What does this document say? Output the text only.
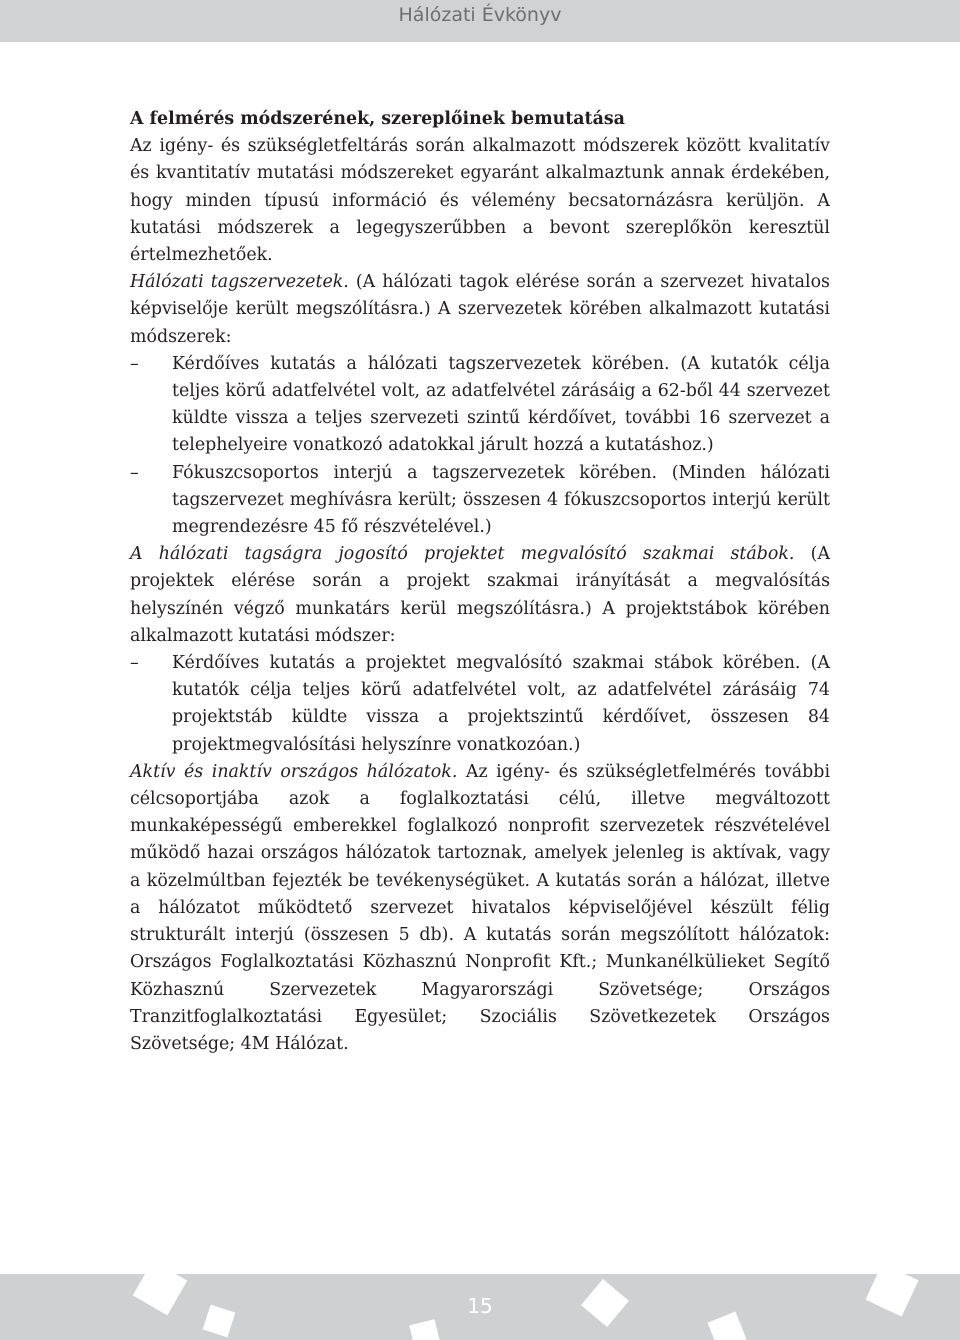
Hálózati Évkönyv

A felmérés módszerének, szereplőinek bemutatása

Az igény- és szükségletfeltárás során alkalmazott módszerek között kvalitatív és kvantitatív mutatási módszereket egyaránt alkalmaztunk annak érdekében, hogy minden típusú információ és vélemény becsatornázásra kerüljön. A kutatási módszerek a legegyszerűbben a bevont szereplőkön keresztül értelmezhetőek.

Hálózati tagszervezetek. (A hálózati tagok elérése során a szervezet hivatalos képviselője került megszólításra.) A szervezetek körében alkalmazott kutatási módszerek:

–	Kérdőíves kutatás a hálózati tagszervezetek körében. (A kutatók célja teljes körű adatfelvétel volt, az adatfelvétel zárásáig a 62-ből 44 szervezet küldte vissza a teljes szervezeti szintű kérdőívet, további 16 szervezet a telephelyeire vonatkozó adatokkal járult hozzá a kutatáshoz.)
–	Fókuszcsoportos interjú a tagszervezetek körében. (Minden hálózati tagszervezet meghívásra került; összesen 4 fókuszcsoportos interjú került megrendezésre 45 fő részvételével.)

A hálózati tagságra jogosító projektet megvalósító szakmai stábok. (A projektek elérése során a projekt szakmai irányítását a megvalósítás helyszínén végző munkatárs kerül megszólításra.) A projektstábok körében alkalmazott kutatási módszer:

–	Kérdőíves kutatás a projektet megvalósító szakmai stábok körében. (A kutatók célja teljes körű adatfelvétel volt, az adatfelvétel zárásáig 74 projektstáb küldte vissza a projektszintű kérdőívet, összesen 84 projektmegvalósítási helyszínre vonatkozóan.)

Aktív és inaktív országos hálózatok. Az igény- és szükségletfelmérés további célcsoportjába azok a foglalkoztatási célú, illetve megváltozott munkaképességű emberekkel foglalkozó nonprofit szervezetek részvételével működő hazai országos hálózatok tartoznak, amelyek jelenleg is aktívak, vagy a közelmúltban fejezték be tevékenységüket. A kutatás során a hálózat, illetve a hálózatot működtető szervezet hivatalos képviselőjével készült félig strukturált interjú (összesen 5 db). A kutatás során megszólított hálózatok: Országos Foglalkoztatási Közhasznú Nonprofit Kft.; Munkanélkülieket Segítő Közhasznú Szervezetek Magyarországi Szövetsége; Országos Tranzitfoglalkoztatási Egyesület; Szociális Szövetkezetek Országos Szövetsége; 4M Hálózat.

15
